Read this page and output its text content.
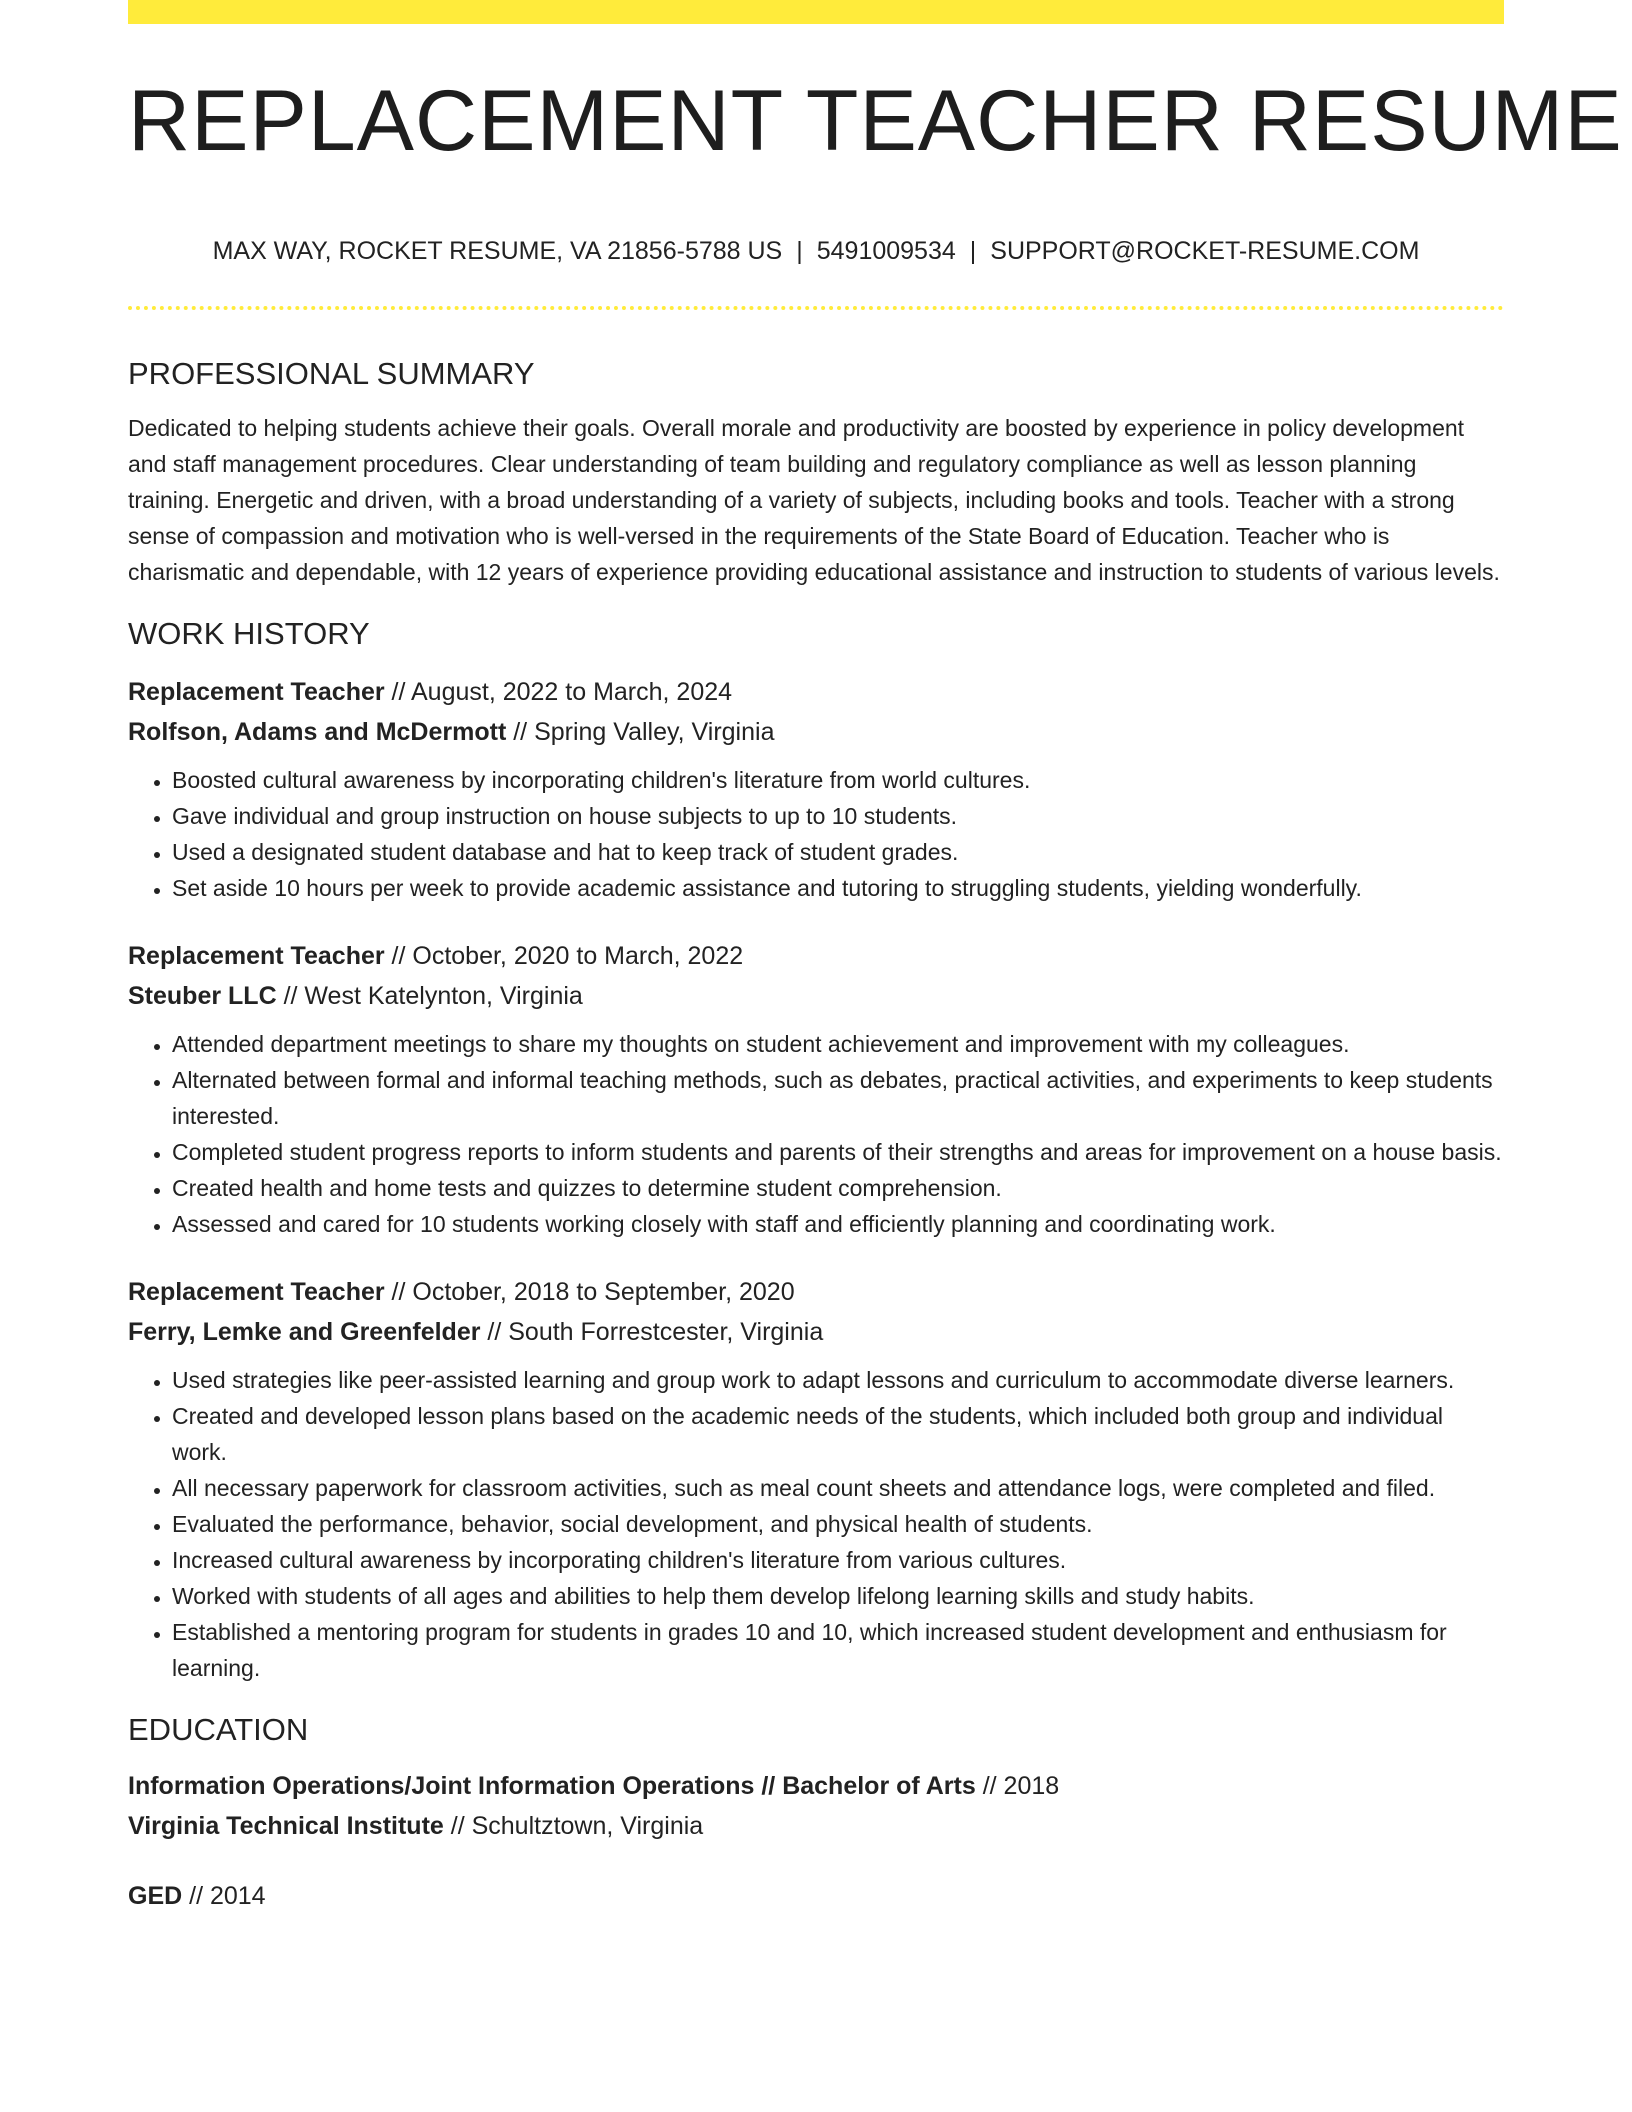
REPLACEMENT TEACHER RESUME
MAX WAY, ROCKET RESUME, VA 21856-5788 US | 5491009534 | SUPPORT@ROCKET-RESUME.COM
PROFESSIONAL SUMMARY

Dedicated to helping students achieve their goals. Overall morale and productivity are boosted by experience in policy development and staff management procedures. Clear understanding of team building and regulatory compliance as well as lesson planning training. Energetic and driven, with a broad understanding of a variety of subjects, including books and tools. Teacher with a strong sense of compassion and motivation who is well-versed in the requirements of the State Board of Education. Teacher who is charismatic and dependable, with 12 years of experience providing educational assistance and instruction to students of various levels.

WORK HISTORY
Replacement Teacher // August, 2022 to March, 2024
Rolfson, Adams and McDermott // Spring Valley, Virginia
• Boosted cultural awareness by incorporating children's literature from world cultures.
• Gave individual and group instruction on house subjects to up to 10 students.
• Used a designated student database and hat to keep track of student grades.
• Set aside 10 hours per week to provide academic assistance and tutoring to struggling students, yielding wonderfully.
Replacement Teacher // October, 2020 to March, 2022
Steuber LLC // West Katelynton, Virginia
• Attended department meetings to share my thoughts on student achievement and improvement with my colleagues.
• Alternated between formal and informal teaching methods, such as debates, practical activities, and experiments to keep students interested.
• Completed student progress reports to inform students and parents of their strengths and areas for improvement on a house basis.
• Created health and home tests and quizzes to determine student comprehension.
• Assessed and cared for 10 students working closely with staff and efficiently planning and coordinating work.
Replacement Teacher // October, 2018 to September, 2020
Ferry, Lemke and Greenfelder // South Forrestcester, Virginia
• Used strategies like peer-assisted learning and group work to adapt lessons and curriculum to accommodate diverse learners.
• Created and developed lesson plans based on the academic needs of the students, which included both group and individual work.
• All necessary paperwork for classroom activities, such as meal count sheets and attendance logs, were completed and filed.
• Evaluated the performance, behavior, social development, and physical health of students.
• Increased cultural awareness by incorporating children's literature from various cultures.
• Worked with students of all ages and abilities to help them develop lifelong learning skills and study habits.
• Established a mentoring program for students in grades 10 and 10, which increased student development and enthusiasm for learning.
EDUCATION
Information Operations/Joint Information Operations // Bachelor of Arts // 2018
Virginia Technical Institute // Schultztown, Virginia
GED // 2014
